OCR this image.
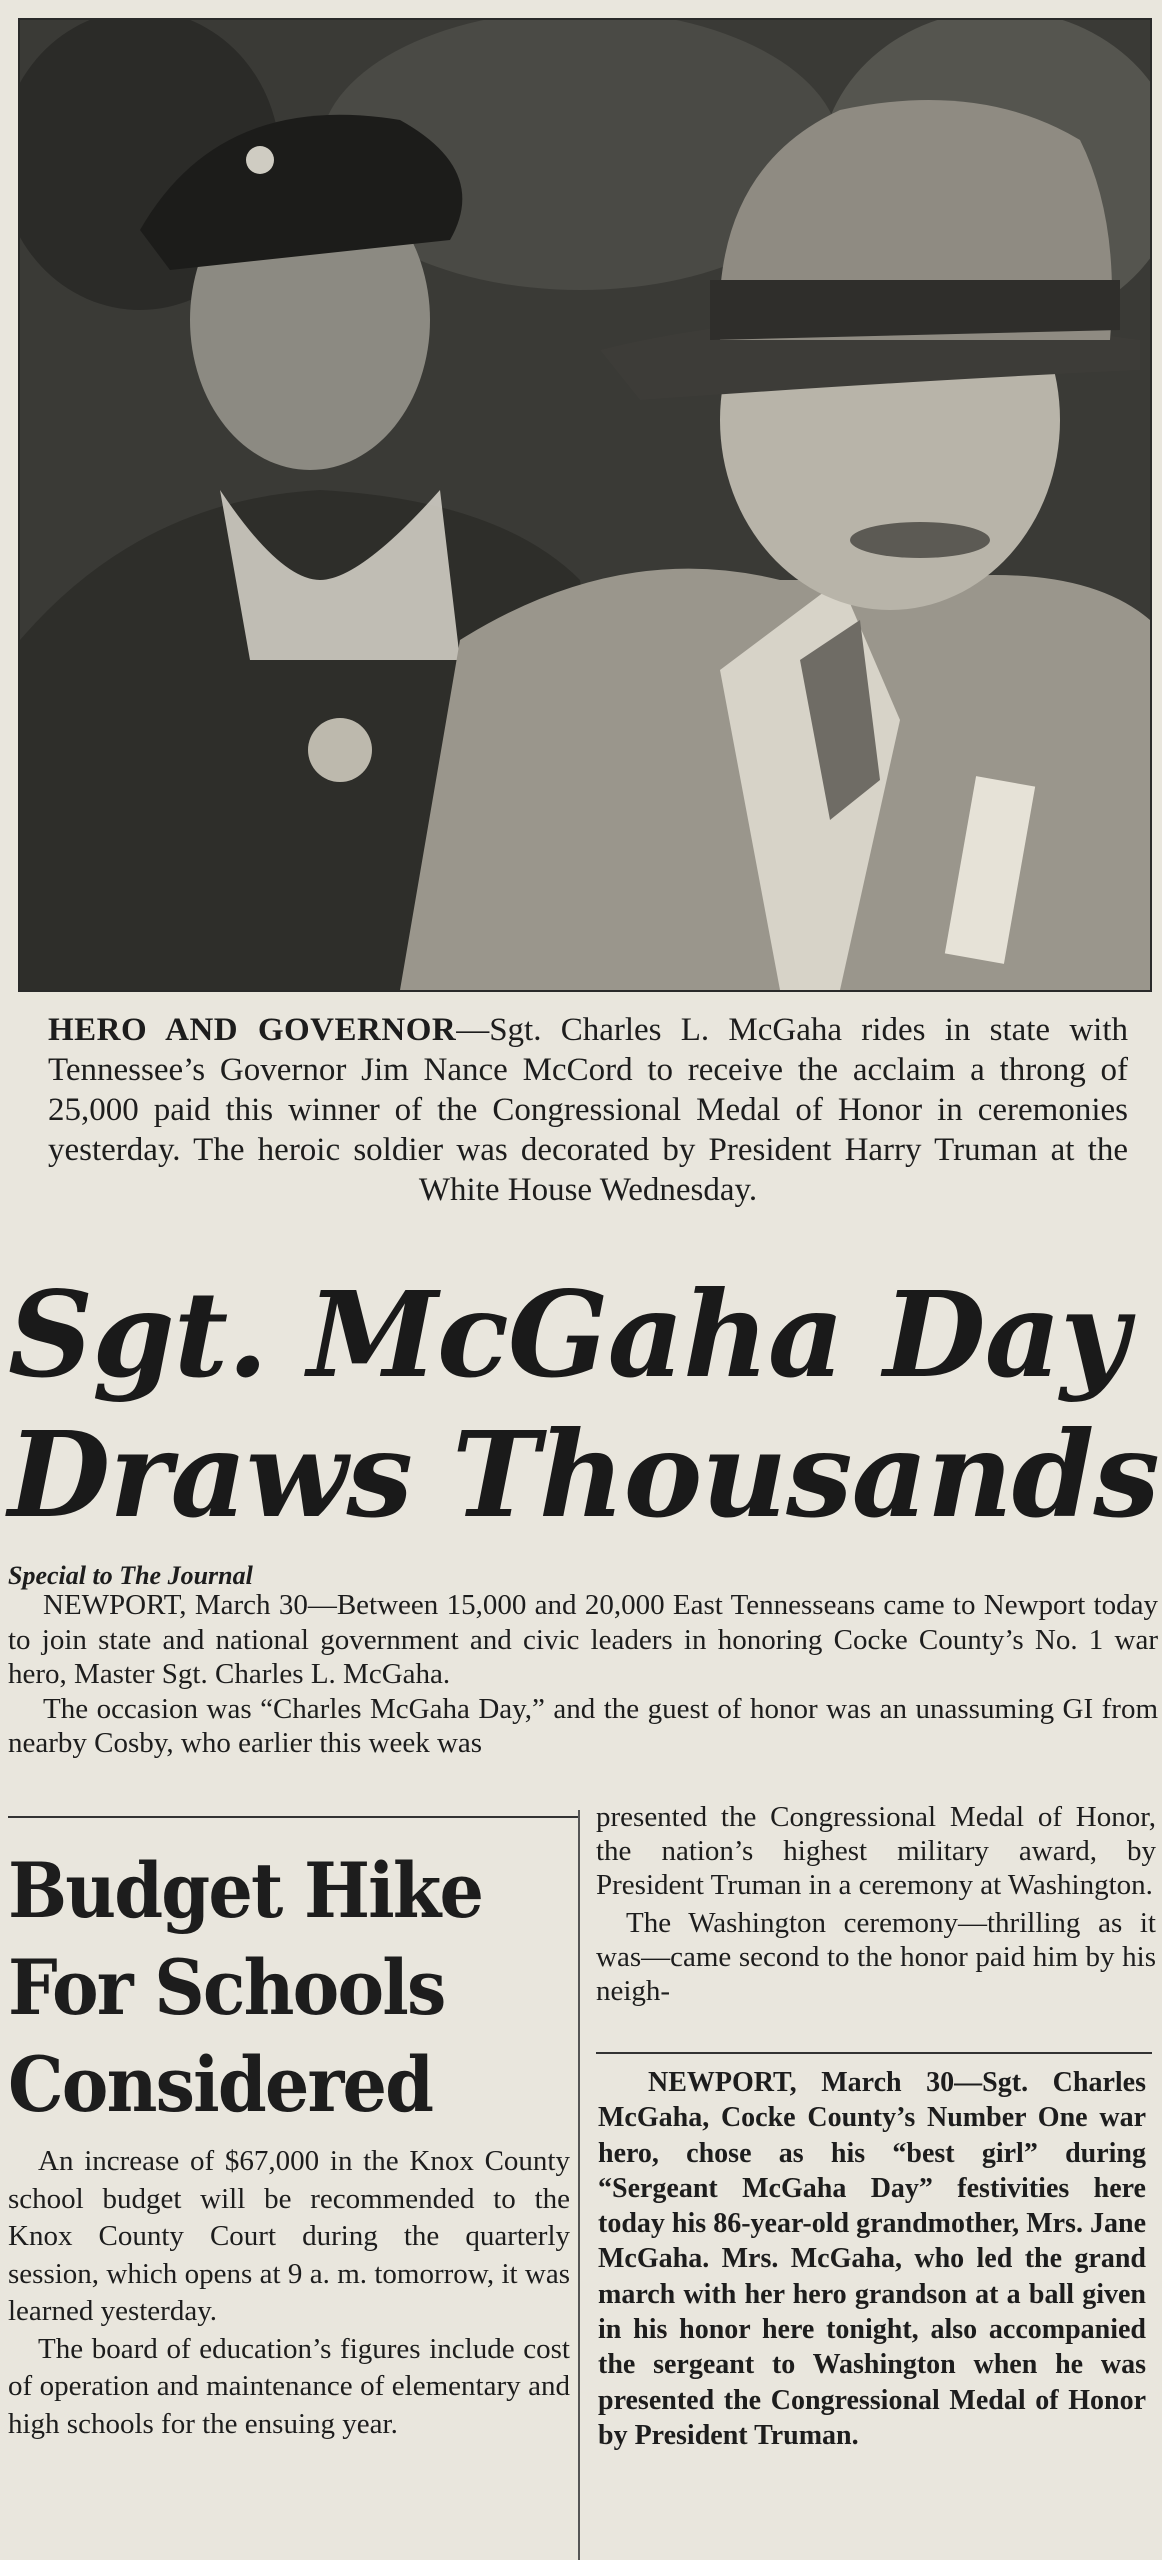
HERO AND GOVERNOR—Sgt. Charles L. McGaha rides in state with Tennessee’s Governor Jim Nance McCord to receive the acclaim a throng of 25,000 paid this winner of the Congressional Medal of Honor in ceremonies yesterday. The heroic soldier was decorated by President Harry Truman at the White House Wednesday.
Sgt. McGaha Day
Draws Thousands
Special to The Journal

NEWPORT, March 30—Between 15,000 and 20,000 East Tennesseans came to Newport today to join state and national government and civic leaders in honoring Cocke County’s No. 1 war hero, Master Sgt. Charles L. McGaha.

The occasion was “Charles McGaha Day,” and the guest of honor was an unassuming GI from nearby Cosby, who earlier this week was

Budget Hike
For Schools
Considered

An increase of $67,000 in the Knox County school budget will be recommended to the Knox County Court during the quarterly session, which opens at 9 a. m. tomorrow, it was learned yesterday.

The board of education’s figures include cost of operation and maintenance of elementary and high schools for the ensuing year.

presented the Congressional Medal of Honor, the nation’s highest military award, by President Truman in a ceremony at Washington.

The Washington ceremony—thrilling as it was—came second to the honor paid him by his neigh-

NEWPORT, March 30—Sgt. Charles McGaha, Cocke County’s Number One war hero, chose as his “best girl” during “Sergeant McGaha Day” festivities here today his 86-year-old grandmother, Mrs. Jane McGaha. Mrs. McGaha, who led the grand march with her hero grandson at a ball given in his honor here tonight, also accompanied the sergeant to Washington when he was presented the Congressional Medal of Honor by President Truman.
